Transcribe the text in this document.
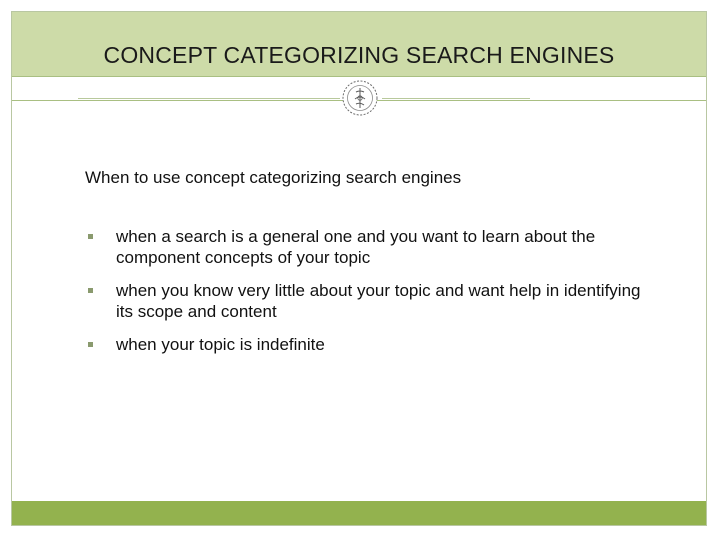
CONCEPT CATEGORIZING SEARCH ENGINES
When to use concept categorizing search engines
when a search is a general one and you want to learn about the component concepts of your topic
when you know very little about your topic and want help in identifying its scope and content
when your topic is indefinite
